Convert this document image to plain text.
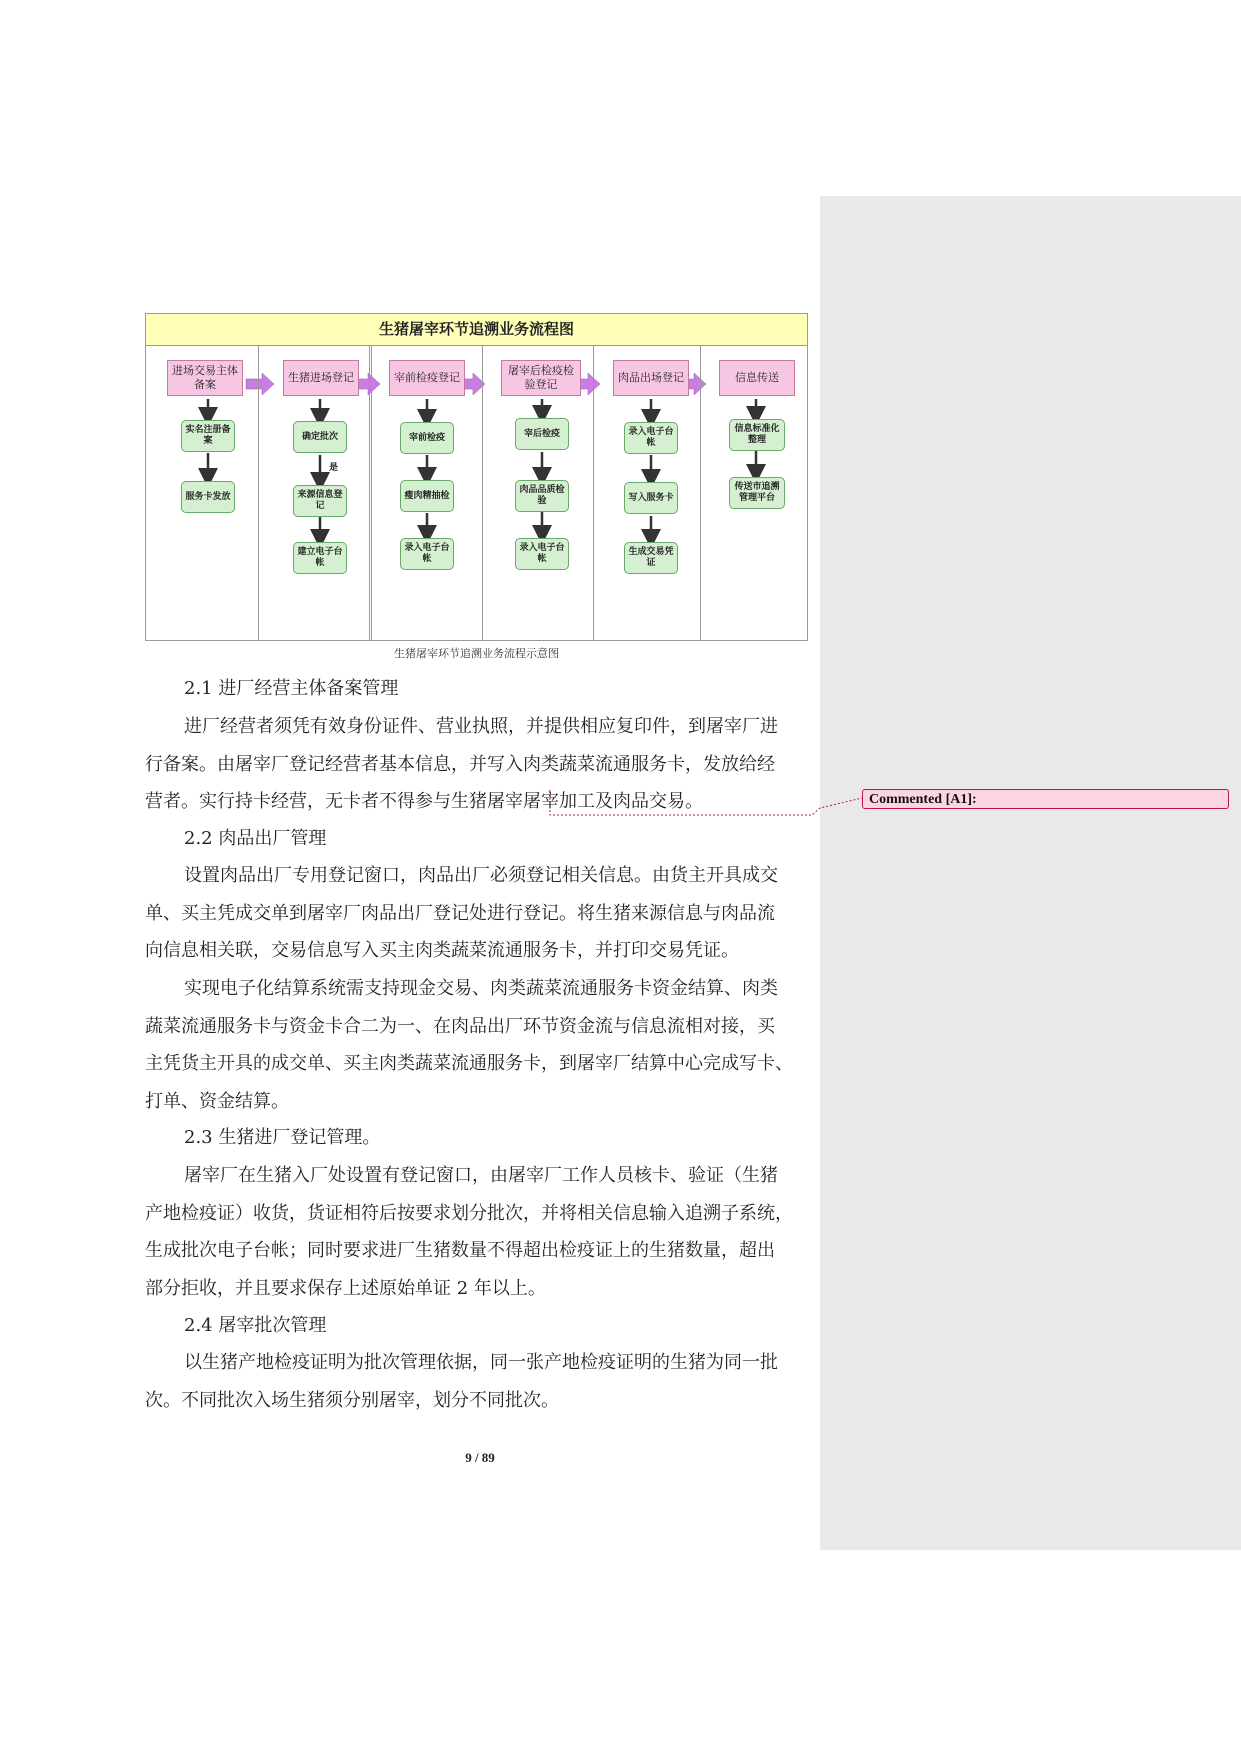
Commented [A1]:
生猪屠宰环节追溯业务流程图
进场交易主体备案
生猪进场登记	宰前检疫登记
屠宰后检疫检验登记
肉品出场登记	信息传送
实名注册备案
服务卡发放
确定批次
是
来源信息登记
建立电子台帐
宰前检疫
瘦肉精抽检
录入电子台帐
宰后检疫
肉品品质检验
录入电子台帐
录入电子台帐
写入服务卡
生成交易凭证
信息标准化整理
传送市追溯管理平台
生猪屠宰环节追溯业务流程示意图

2.1 进厂经营主体备案管理

进厂经营者须凭有效身份证件、营业执照，并提供相应复印件，到屠宰厂进
行备案。由屠宰厂登记经营者基本信息，并写入肉类蔬菜流通服务卡，发放给经
营者。实行持卡经营，无卡者不得参与生猪屠宰屠宰加工及肉品交易。

2.2 肉品出厂管理

设置肉品出厂专用登记窗口，肉品出厂必须登记相关信息。由货主开具成交
单、买主凭成交单到屠宰厂肉品出厂登记处进行登记。将生猪来源信息与肉品流
向信息相关联，交易信息写入买主肉类蔬菜流通服务卡，并打印交易凭证。
实现电子化结算系统需支持现金交易、肉类蔬菜流通服务卡资金结算、肉类
蔬菜流通服务卡与资金卡合二为一、在肉品出厂环节资金流与信息流相对接，买
主凭货主开具的成交单、买主肉类蔬菜流通服务卡，到屠宰厂结算中心完成写卡、
打单、资金结算。

2.3 生猪进厂登记管理。

屠宰厂在生猪入厂处设置有登记窗口，由屠宰厂工作人员核卡、验证（生猪
产地检疫证）收货，货证相符后按要求划分批次，并将相关信息输入追溯子系统，
生成批次电子台帐；同时要求进厂生猪数量不得超出检疫证上的生猪数量，超出
部分拒收，并且要求保存上述原始单证 2 年以上。

2.4 屠宰批次管理

以生猪产地检疫证明为批次管理依据，同一张产地检疫证明的生猪为同一批
次。不同批次入场生猪须分别屠宰，划分不同批次。
9 / 89
